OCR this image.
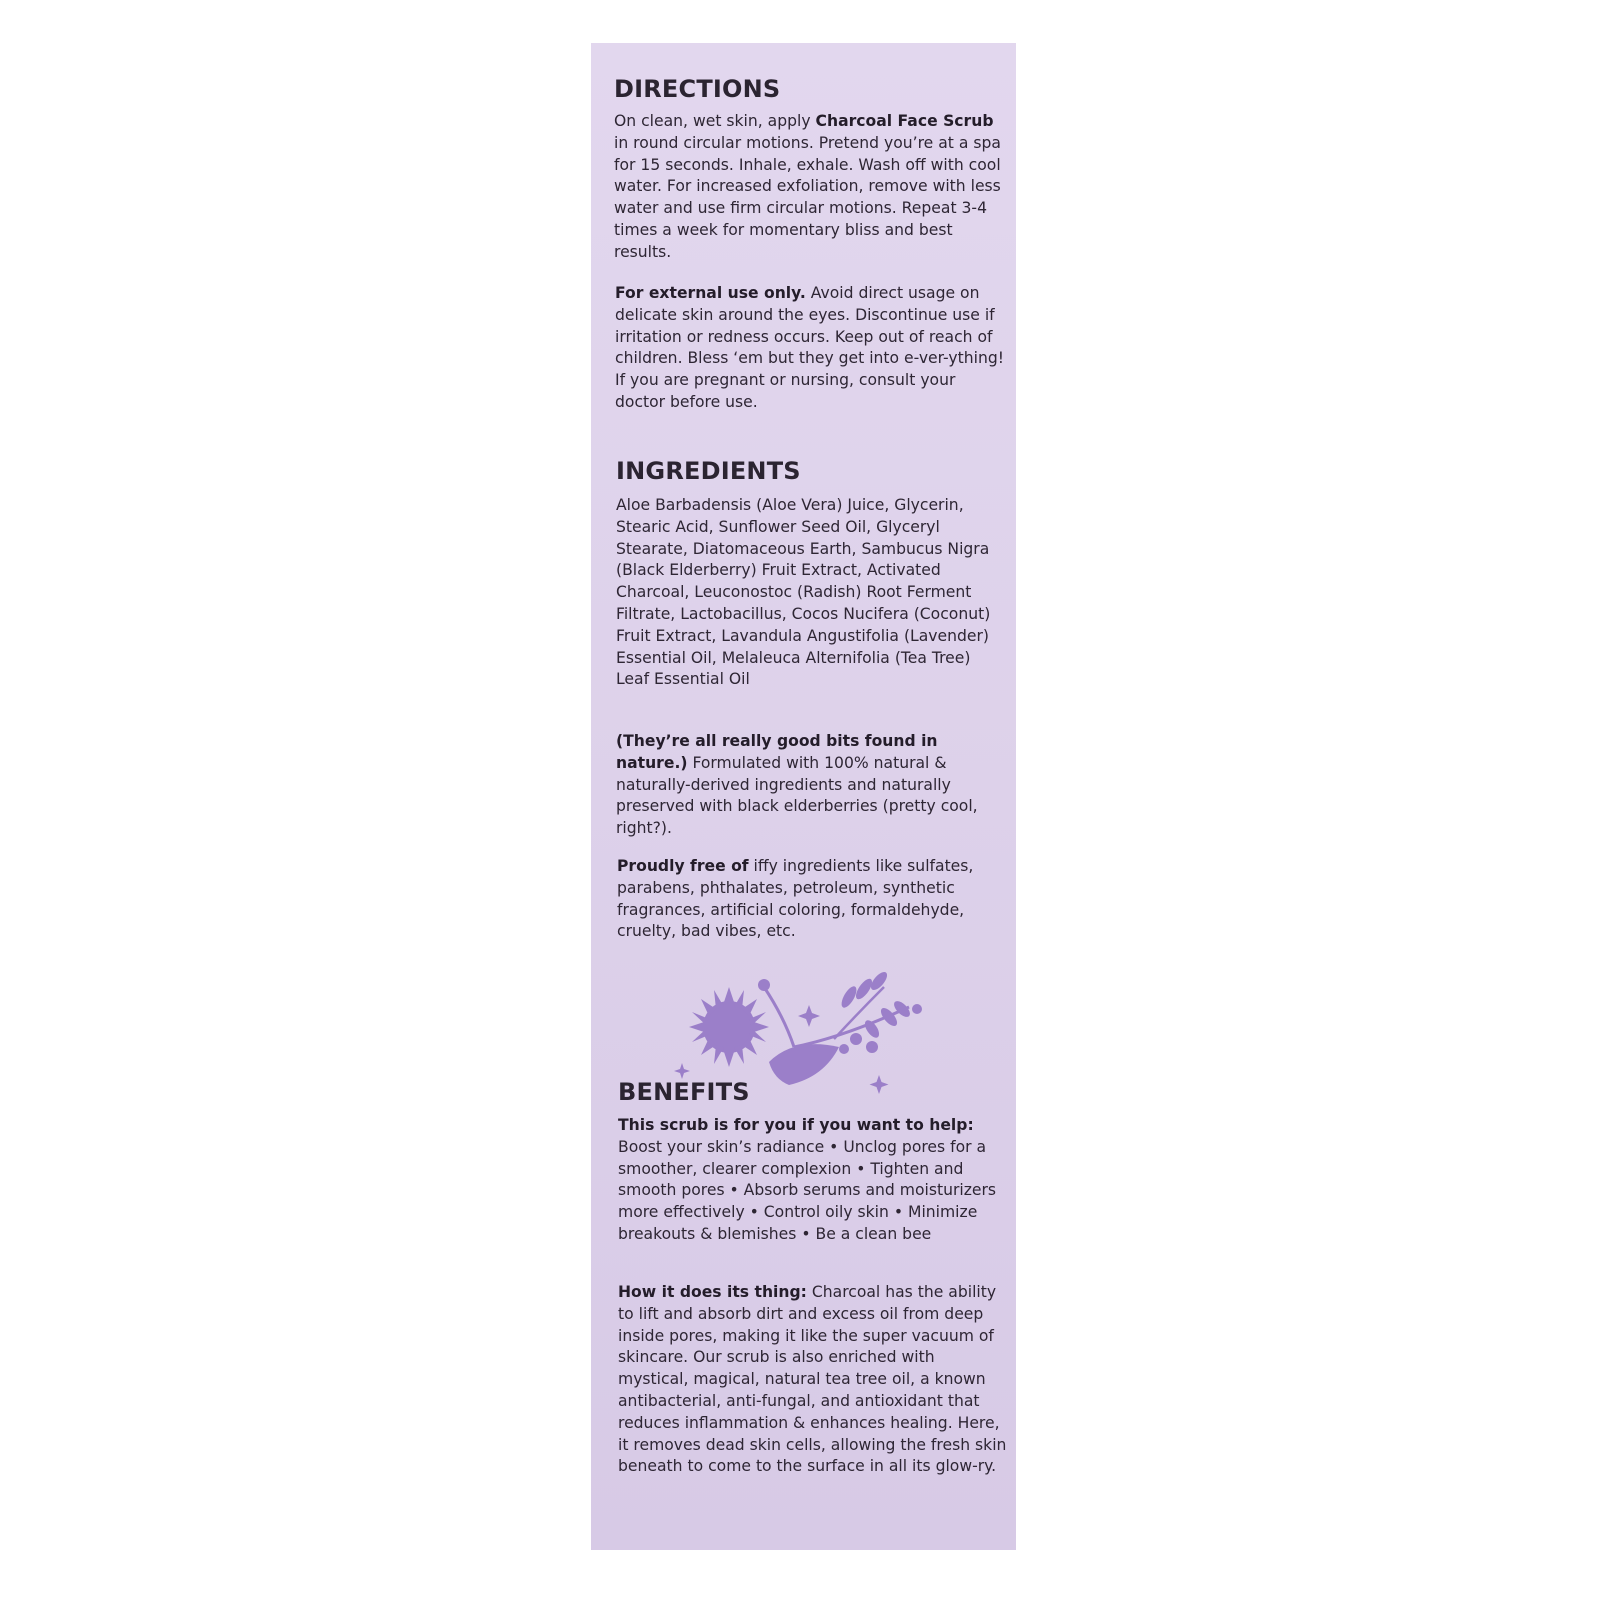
DIRECTIONS

On clean, wet skin, apply Charcoal Face Scrub in round circular motions. Pretend you’re at a spa for 15 seconds. Inhale, exhale. Wash off with cool water. For increased exfoliation, remove with less water and use firm circular motions. Repeat 3-4 times a week for momentary bliss and best results.

For external use only. Avoid direct usage on delicate skin around the eyes. Discontinue use if irritation or redness occurs. Keep out of reach of children. Bless ‘em but they get into e-ver-ything! If you are pregnant or nursing, consult your doctor before use.

INGREDIENTS

Aloe Barbadensis (Aloe Vera) Juice, Glycerin, Stearic Acid, Sunflower Seed Oil, Glyceryl Stearate, Diatomaceous Earth, Sambucus Nigra (Black Elderberry) Fruit Extract, Activated Charcoal, Leuconostoc (Radish) Root Ferment Filtrate, Lactobacillus, Cocos Nucifera (Coconut) Fruit Extract, Lavandula Angustifolia (Lavender) Essential Oil, Melaleuca Alternifolia (Tea Tree) Leaf Essential Oil

(They’re all really good bits found in nature.) Formulated with 100% natural & naturally-derived ingredients and naturally preserved with black elderberries (pretty cool, right?).

Proudly free of iffy ingredients like sulfates, parabens, phthalates, petroleum, synthetic fragrances, artificial coloring, formaldehyde, cruelty, bad vibes, etc.

BENEFITS

This scrub is for you if you want to help: Boost your skin’s radiance • Unclog pores for a smoother, clearer complexion • Tighten and smooth pores • Absorb serums and moisturizers more effectively • Control oily skin • Minimize breakouts & blemishes • Be a clean bee

How it does its thing: Charcoal has the ability to lift and absorb dirt and excess oil from deep inside pores, making it like the super vacuum of skincare. Our scrub is also enriched with mystical, magical, natural tea tree oil, a known antibacterial, anti-fungal, and antioxidant that reduces inflammation & enhances healing. Here, it removes dead skin cells, allowing the fresh skin beneath to come to the surface in all its glow-ry.
